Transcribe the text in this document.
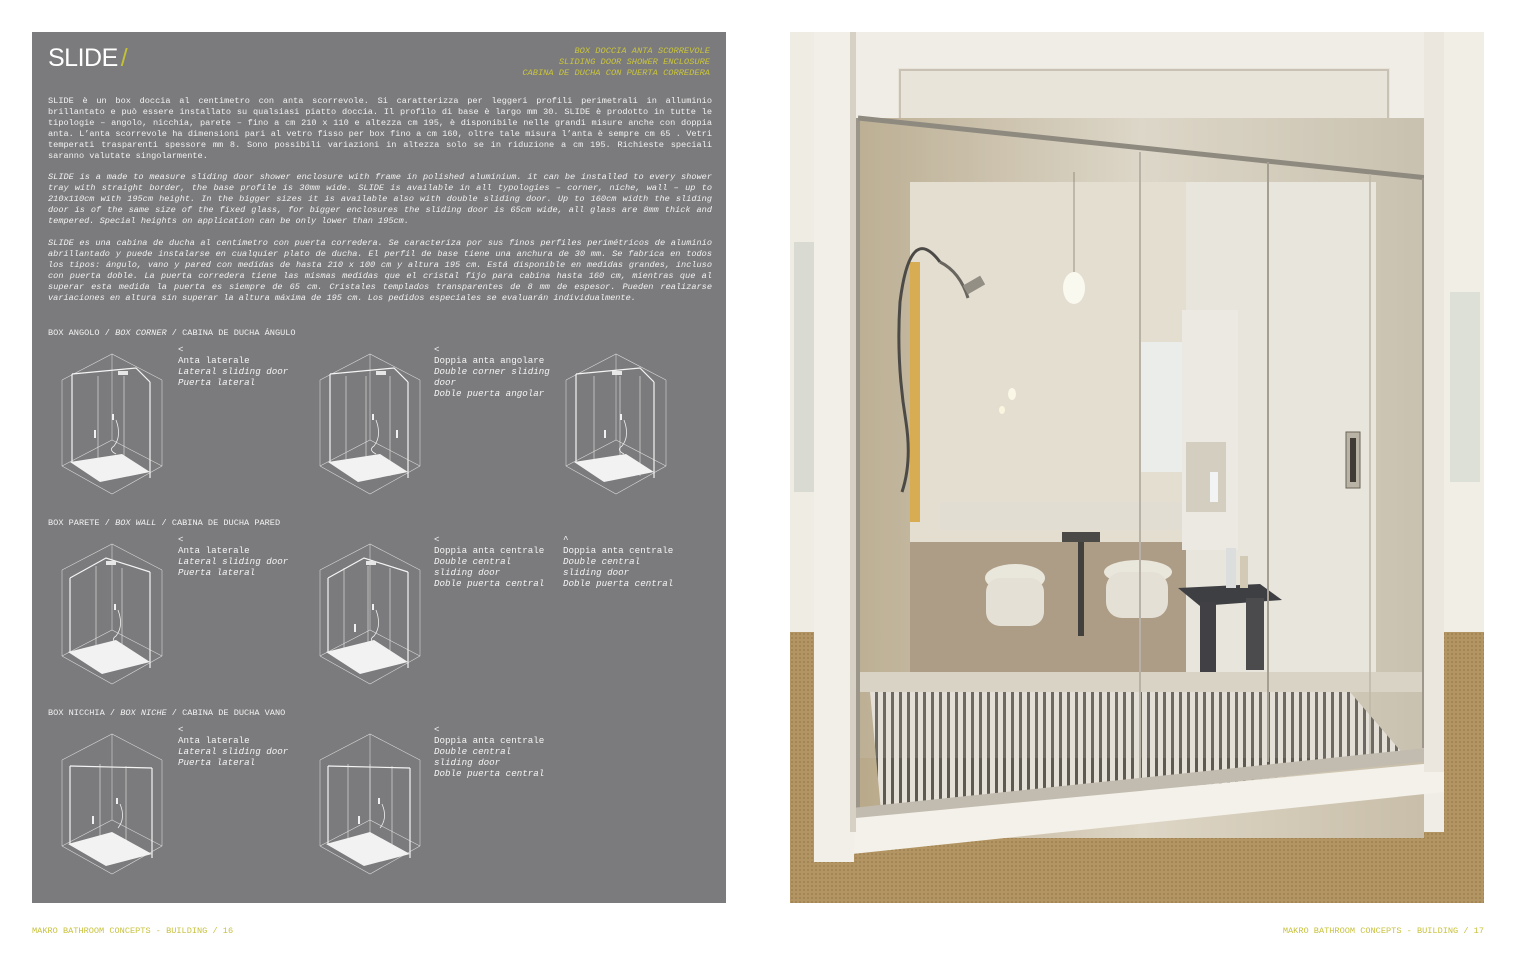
SLIDE /	BOX DOCCIA ANTA SCORREVOLE
SLIDING DOOR SHOWER ENCLOSURE
CABINA DE DUCHA CON PUERTA CORREDERA

SLIDE è un box doccia al centimetro con anta scorrevole. Si caratterizza per leggeri profili perimetrali in alluminio brillantato e può essere installato su qualsiasi piatto doccia. Il profilo di base è largo mm 30. SLIDE è prodotto in tutte le tipologie – angolo, nicchia, parete – fino a cm 210 x 110 e altezza cm 195, è disponibile nelle grandi misure anche con doppia anta. L’anta scorrevole ha dimensioni pari al vetro fisso per box fino a cm 160, oltre tale misura l’anta è sempre cm 65 . Vetri temperati trasparenti spessore mm 8. Sono possibili variazioni in altezza solo se in riduzione a cm 195. Richieste speciali saranno valutate singolarmente.

SLIDE is a made to measure sliding door shower enclosure with frame in polished aluminium. it can be installed to every shower tray with straight border, the base profile is 30mm wide. SLIDE is available in all typologies – corner, niche, wall – up to 210x110cm with 195cm height. In the bigger sizes it is available also with double sliding door. Up to 160cm width the sliding door is of the same size of the fixed glass, for bigger enclosures the sliding door is 65cm wide, all glass are 8mm thick and tempered. Special heights on application can be only lower than 195cm.

SLIDE es una cabina de ducha al centimetro con puerta corredera. Se caracteriza por sus finos perfiles perimétricos de aluminio abrillantado y puede instalarse en cualquier plato de ducha. El perfil de base tiene una anchura de 30 mm. Se fabrica en todos los tipos: ángulo, vano y pared con medidas de hasta 210 x 100 cm y altura 195 cm. Está disponible en medidas grandes, incluso con puerta doble. La puerta corredera tiene las mismas medidas que el cristal fijo para cabina hasta 160 cm, mientras que al superar esta medida la puerta es siempre de 65 cm. Cristales templados transparentes de 8 mm de espesor. Pueden realizarse variaciones en altura sin superar la altura máxima de 195 cm. Los pedidos especiales se evaluarán individualmente.

BOX ANGOLO / BOX CORNER / CABINA DE DUCHA ÁNGULO
<
Anta laterale
Lateral sliding door
Puerta lateral
<
Doppia anta angolare
Double corner sliding
door
Doble puerta angolar
BOX PARETE / BOX WALL / CABINA DE DUCHA PARED
<
Anta laterale
Lateral sliding door
Puerta lateral
<
Doppia anta centrale
Double central
sliding door
Doble puerta central
^
Doppia anta centrale
Double central
sliding door
Doble puerta central
BOX NICCHIA / BOX NICHE / CABINA DE DUCHA VANO
<
Anta laterale
Lateral sliding door
Puerta lateral
<
Doppia anta centrale
Double central
sliding door
Doble puerta central
MAKRO BATHROOM CONCEPTS - BUILDING / 16	MAKRO BATHROOM CONCEPTS - BUILDING / 17
